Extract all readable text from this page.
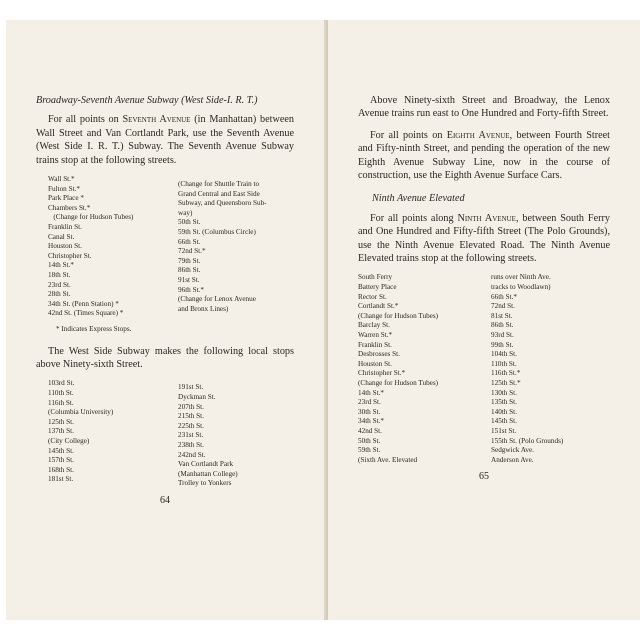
Broadway-Seventh Avenue Subway (West Side-I. R. T.)
For all points on Seventh Avenue (in Manhattan) between Wall Street and Van Cortlandt Park, use the Seventh Avenue (West Side I. R. T.) Subway. The Seventh Avenue Subway trains stop at the following streets.
Wall St.*
Fulton St.*
Park Place *
Chambers St.*
(Change for Hudson Tubes)
Franklin St.
Canal St.
Houston St.
Christopher St.
14th St.*
18th St.
23rd St.
28th St.
34th St. (Penn Station) *
42nd St. (Times Square) *
(Change for Shuttle Train to
Grand Central and East Side
Subway, and Queensboro Sub-
way)
50th St.
59th St. (Columbus Circle)
66th St.
72nd St.*
79th St.
86th St.
91st St.
96th St.*
(Change for Lenox Avenue
and Bronx Lines)
* Indicates Express Stops.
The West Side Subway makes the following local stops above Ninety-sixth Street.
103rd St.
110th St.
116th St.
(Columbia University)
125th St.
137th St.
(City College)
145th St.
157th St.
168th St.
181st St.
191st St.
Dyckman St.
207th St.
215th St.
225th St.
231st St.
238th St.
242nd St.
Van Cortlandt Park
(Manhattan College)
Trolley to Yonkers
64
Above Ninety-sixth Street and Broadway, the Lenox Avenue trains run east to One Hundred and Forty-fifth Street.
For all points on Eighth Avenue, between Fourth Street and Fifty-ninth Street, and pending the operation of the new Eighth Avenue Subway Line, now in the course of construction, use the Eighth Avenue Surface Cars.
Ninth Avenue Elevated
For all points along Ninth Avenue, between South Ferry and One Hundred and Fifty-fifth Street (The Polo Grounds), use the Ninth Avenue Elevated Road. The Ninth Avenue Elevated trains stop at the following streets.
South Ferry
Battery Place
Rector St.
Cortlandt St.*
(Change for Hudson Tubes)
Barclay St.
Warren St.*
Franklin St.
Desbrosses St.
Houston St.
Christopher St.*
(Change for Hudson Tubes)
14th St.*
23rd St.
30th St.
34th St.*
42nd St.
50th St.
59th St.
(Sixth Ave. Elevated
runs over Ninth Ave.
tracks to Woodlawn)
66th St.*
72nd St.
81st St.
86th St.
93rd St.
99th St.
104th St.
110th St.
116th St.*
125th St.*
130th St.
135th St.
140th St.
145th St.
151st St.
155th St. (Polo Grounds)
Sedgwick Ave.
Anderson Ave.
65
